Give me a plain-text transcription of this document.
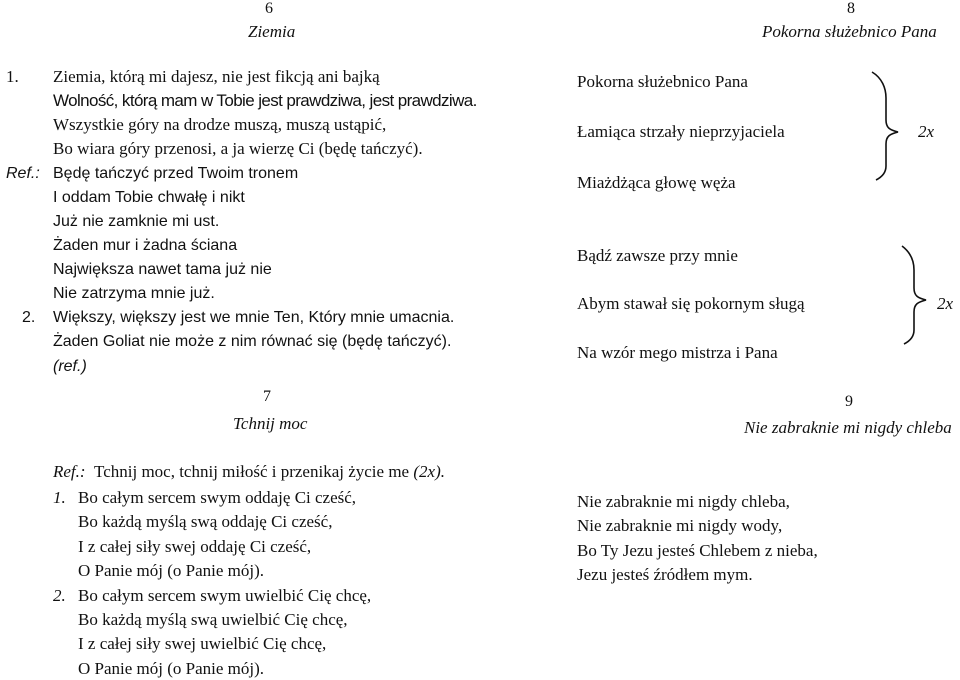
6
Ziemia
1. Ziemia, którą mi dajesz, nie jest fikcją ani bajką
Wolność, którą mam w Tobie jest prawdziwa, jest prawdziwa.
Wszystkie góry na drodze muszą, muszą ustąpić,
Bo wiara góry przenosi, a ja wierzę Ci (będę tańczyć).
Ref.: Będę tańczyć przed Twoim tronem
I oddam Tobie chwałę i nikt
Już nie zamknie mi ust.
Żaden mur i żadna ściana
Największa nawet tama już nie
Nie zatrzyma mnie już.
2. Większy, większy jest we mnie Ten, Który mnie umacnia.
Żaden Goliat nie może z nim równać się (będę tańczyć).
(ref.)
7
Tchnij moc
Ref.: Tchnij moc, tchnij miłość i przenikaj życie me (2x).
1. Bo całym sercem swym oddaję Ci cześć,
Bo każdą myślą swą oddaję Ci cześć,
I z całej siły swej oddaję Ci cześć,
O Panie mój (o Panie mój).
2. Bo całym sercem swym uwielbić Cię chcę,
Bo każdą myślą swą uwielbić Cię chcę,
I z całej siły swej uwielbić Cię chcę,
O Panie mój (o Panie mój).
8
Pokorna służebnico Pana
Pokorna służebnico Pana
Łamiąca strzały nieprzyjaciela
Miażdżąca głowę węża
2x
Bądź zawsze przy mnie
Abym stawał się pokornym sługą
Na wzór mego mistrza i Pana
2x
9
Nie zabraknie mi nigdy chleba
Nie zabraknie mi nigdy chleba,
Nie zabraknie mi nigdy wody,
Bo Ty Jezu jesteś Chlebem z nieba,
Jezu jesteś źródłem mym.
